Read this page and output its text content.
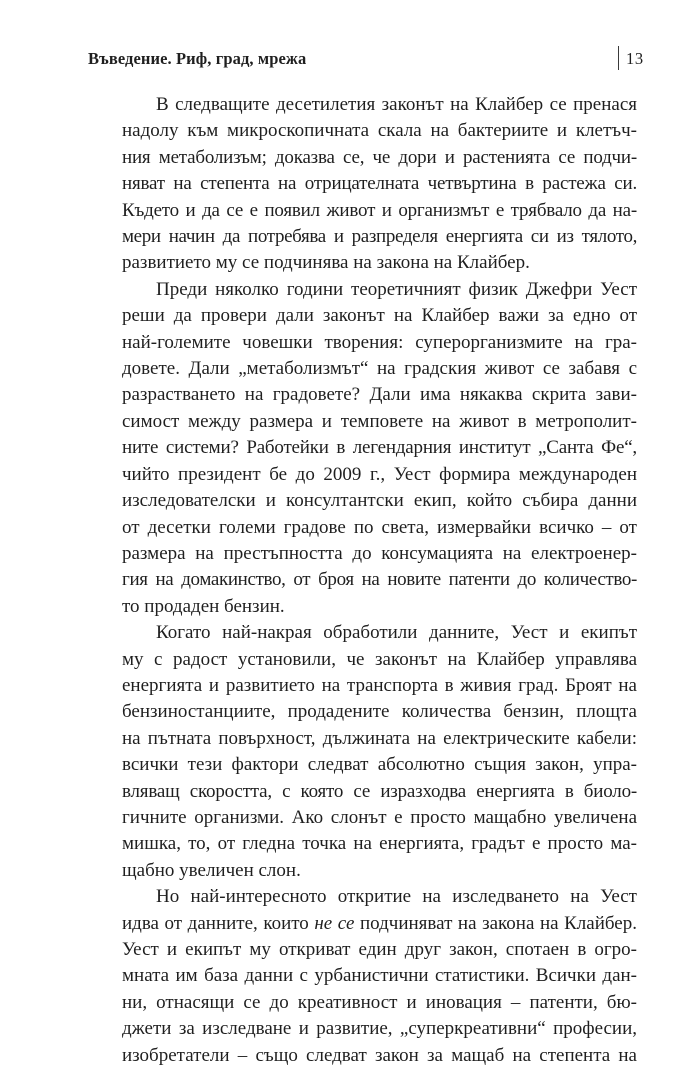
Въведение. Риф, град, мрежа	13

В следващите десетилетия законът на Клайбер се пренася
надолу към микроскопичната скала на бактериите и клетъч-
ния метаболизъм; доказва се, че дори и растенията се подчи-
няват на степента на отрицателната четвъртина в растежа си.
Където и да се е появил живот и организмът е трябвало да на-
мери начин да потребява и разпределя енергията си из тялото,
развитието му се подчинява на закона на Клайбер.

Преди няколко години теоретичният физик Джефри Уест
реши да провери дали законът на Клайбер важи за едно от
най-големите човешки творения: суперорганизмите на гра-
довете. Дали „метаболизмът“ на градския живот се забавя с
разрастването на градовете? Дали има някаква скрита зави-
симост между размера и темповете на живот в метрополит-
ните системи? Работейки в легендарния институт „Санта Фе“,
чийто президент бе до 2009 г., Уест формира международен
изследователски и консултантски екип, който събира данни
от десетки големи градове по света, измервайки всичко – от
размера на престъпността до консумацията на електроенер-
гия на домакинство, от броя на новите патенти до количество-
то продаден бензин.

Когато най-накрая обработили данните, Уест и екипът
му с радост установили, че законът на Клайбер управлява
енергията и развитието на транспорта в живия град. Броят на
бензиностанциите, продадените количества бензин, площта
на пътната повърхност, дължината на електрическите кабели:
всички тези фактори следват абсолютно същия закон, упра-
вляващ скоростта, с която се изразходва енергията в биоло-
гичните организми. Ако слонът е просто мащабно увеличена
мишка, то, от гледна точка на енергията, градът е просто ма-
щабно увеличен слон.

Но най-интересното откритие на изследването на Уест
идва от данните, които не се подчиняват на закона на Клайбер.
Уест и екипът му откриват един друг закон, спотаен в огро-
мната им база данни с урбанистични статистики. Всички дан-
ни, отнасящи се до креативност и иновация – патенти, бю-
джети за изследване и развитие, „суперкреативни“ професии,
изобретатели – също следват закон за мащаб на степента на
